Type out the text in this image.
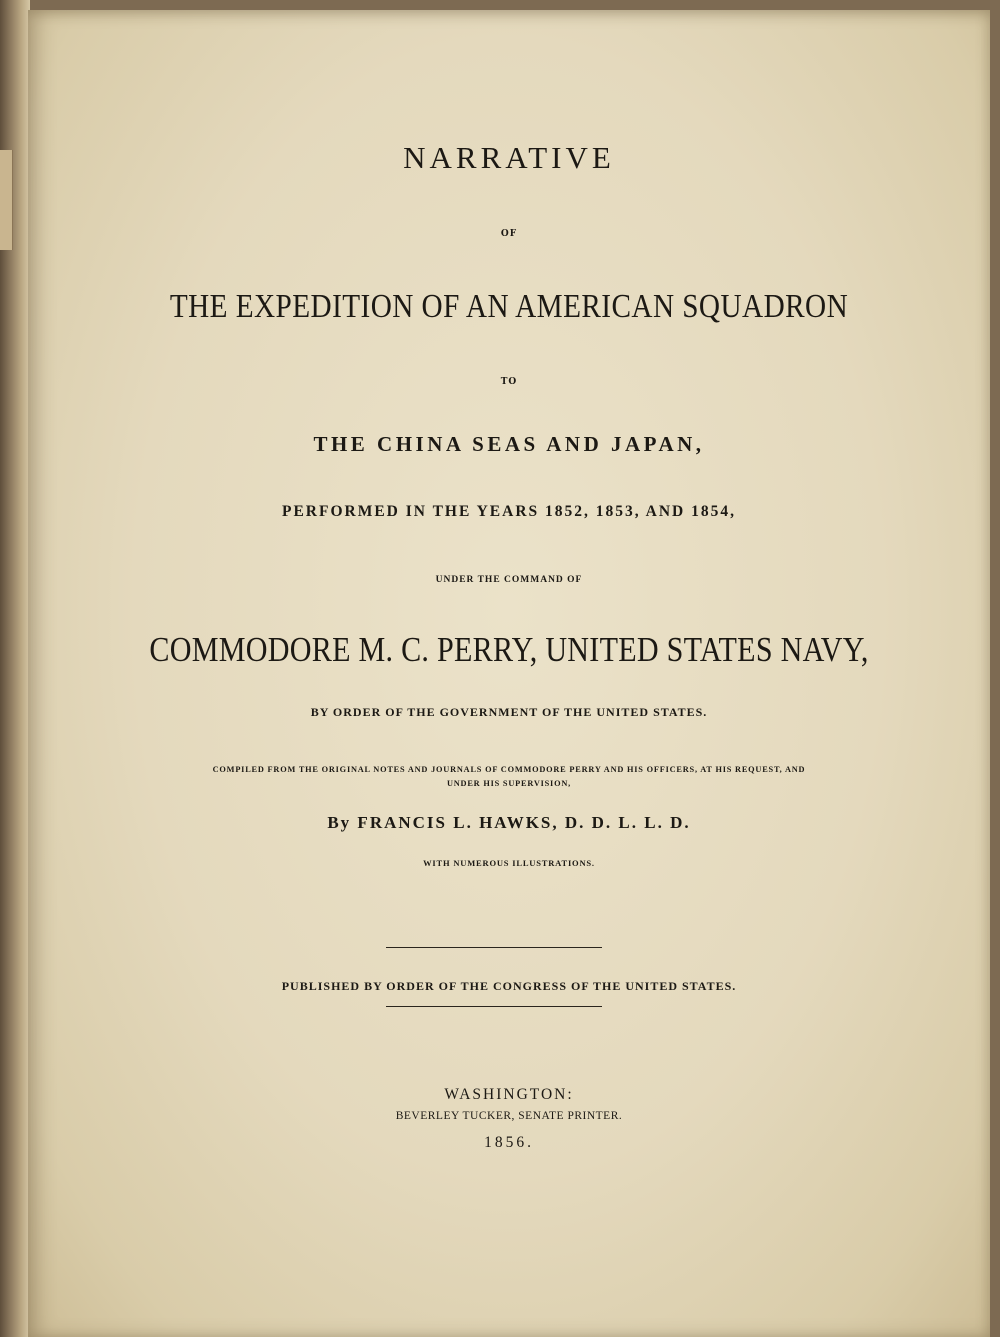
NARRATIVE

OF

THE EXPEDITION OF AN AMERICAN SQUADRON

TO

THE CHINA SEAS AND JAPAN,

PERFORMED IN THE YEARS 1852, 1853, AND 1854,

UNDER THE COMMAND OF

COMMODORE M. C. PERRY, UNITED STATES NAVY,

BY ORDER OF THE GOVERNMENT OF THE UNITED STATES.

COMPILED FROM THE ORIGINAL NOTES AND JOURNALS OF COMMODORE PERRY AND HIS OFFICERS, AT HIS REQUEST, AND
UNDER HIS SUPERVISION,

By FRANCIS L. HAWKS, D. D. L. L. D.

WITH NUMEROUS ILLUSTRATIONS.

PUBLISHED BY ORDER OF THE CONGRESS OF THE UNITED STATES.

WASHINGTON:

BEVERLEY TUCKER, SENATE PRINTER.

1856.
